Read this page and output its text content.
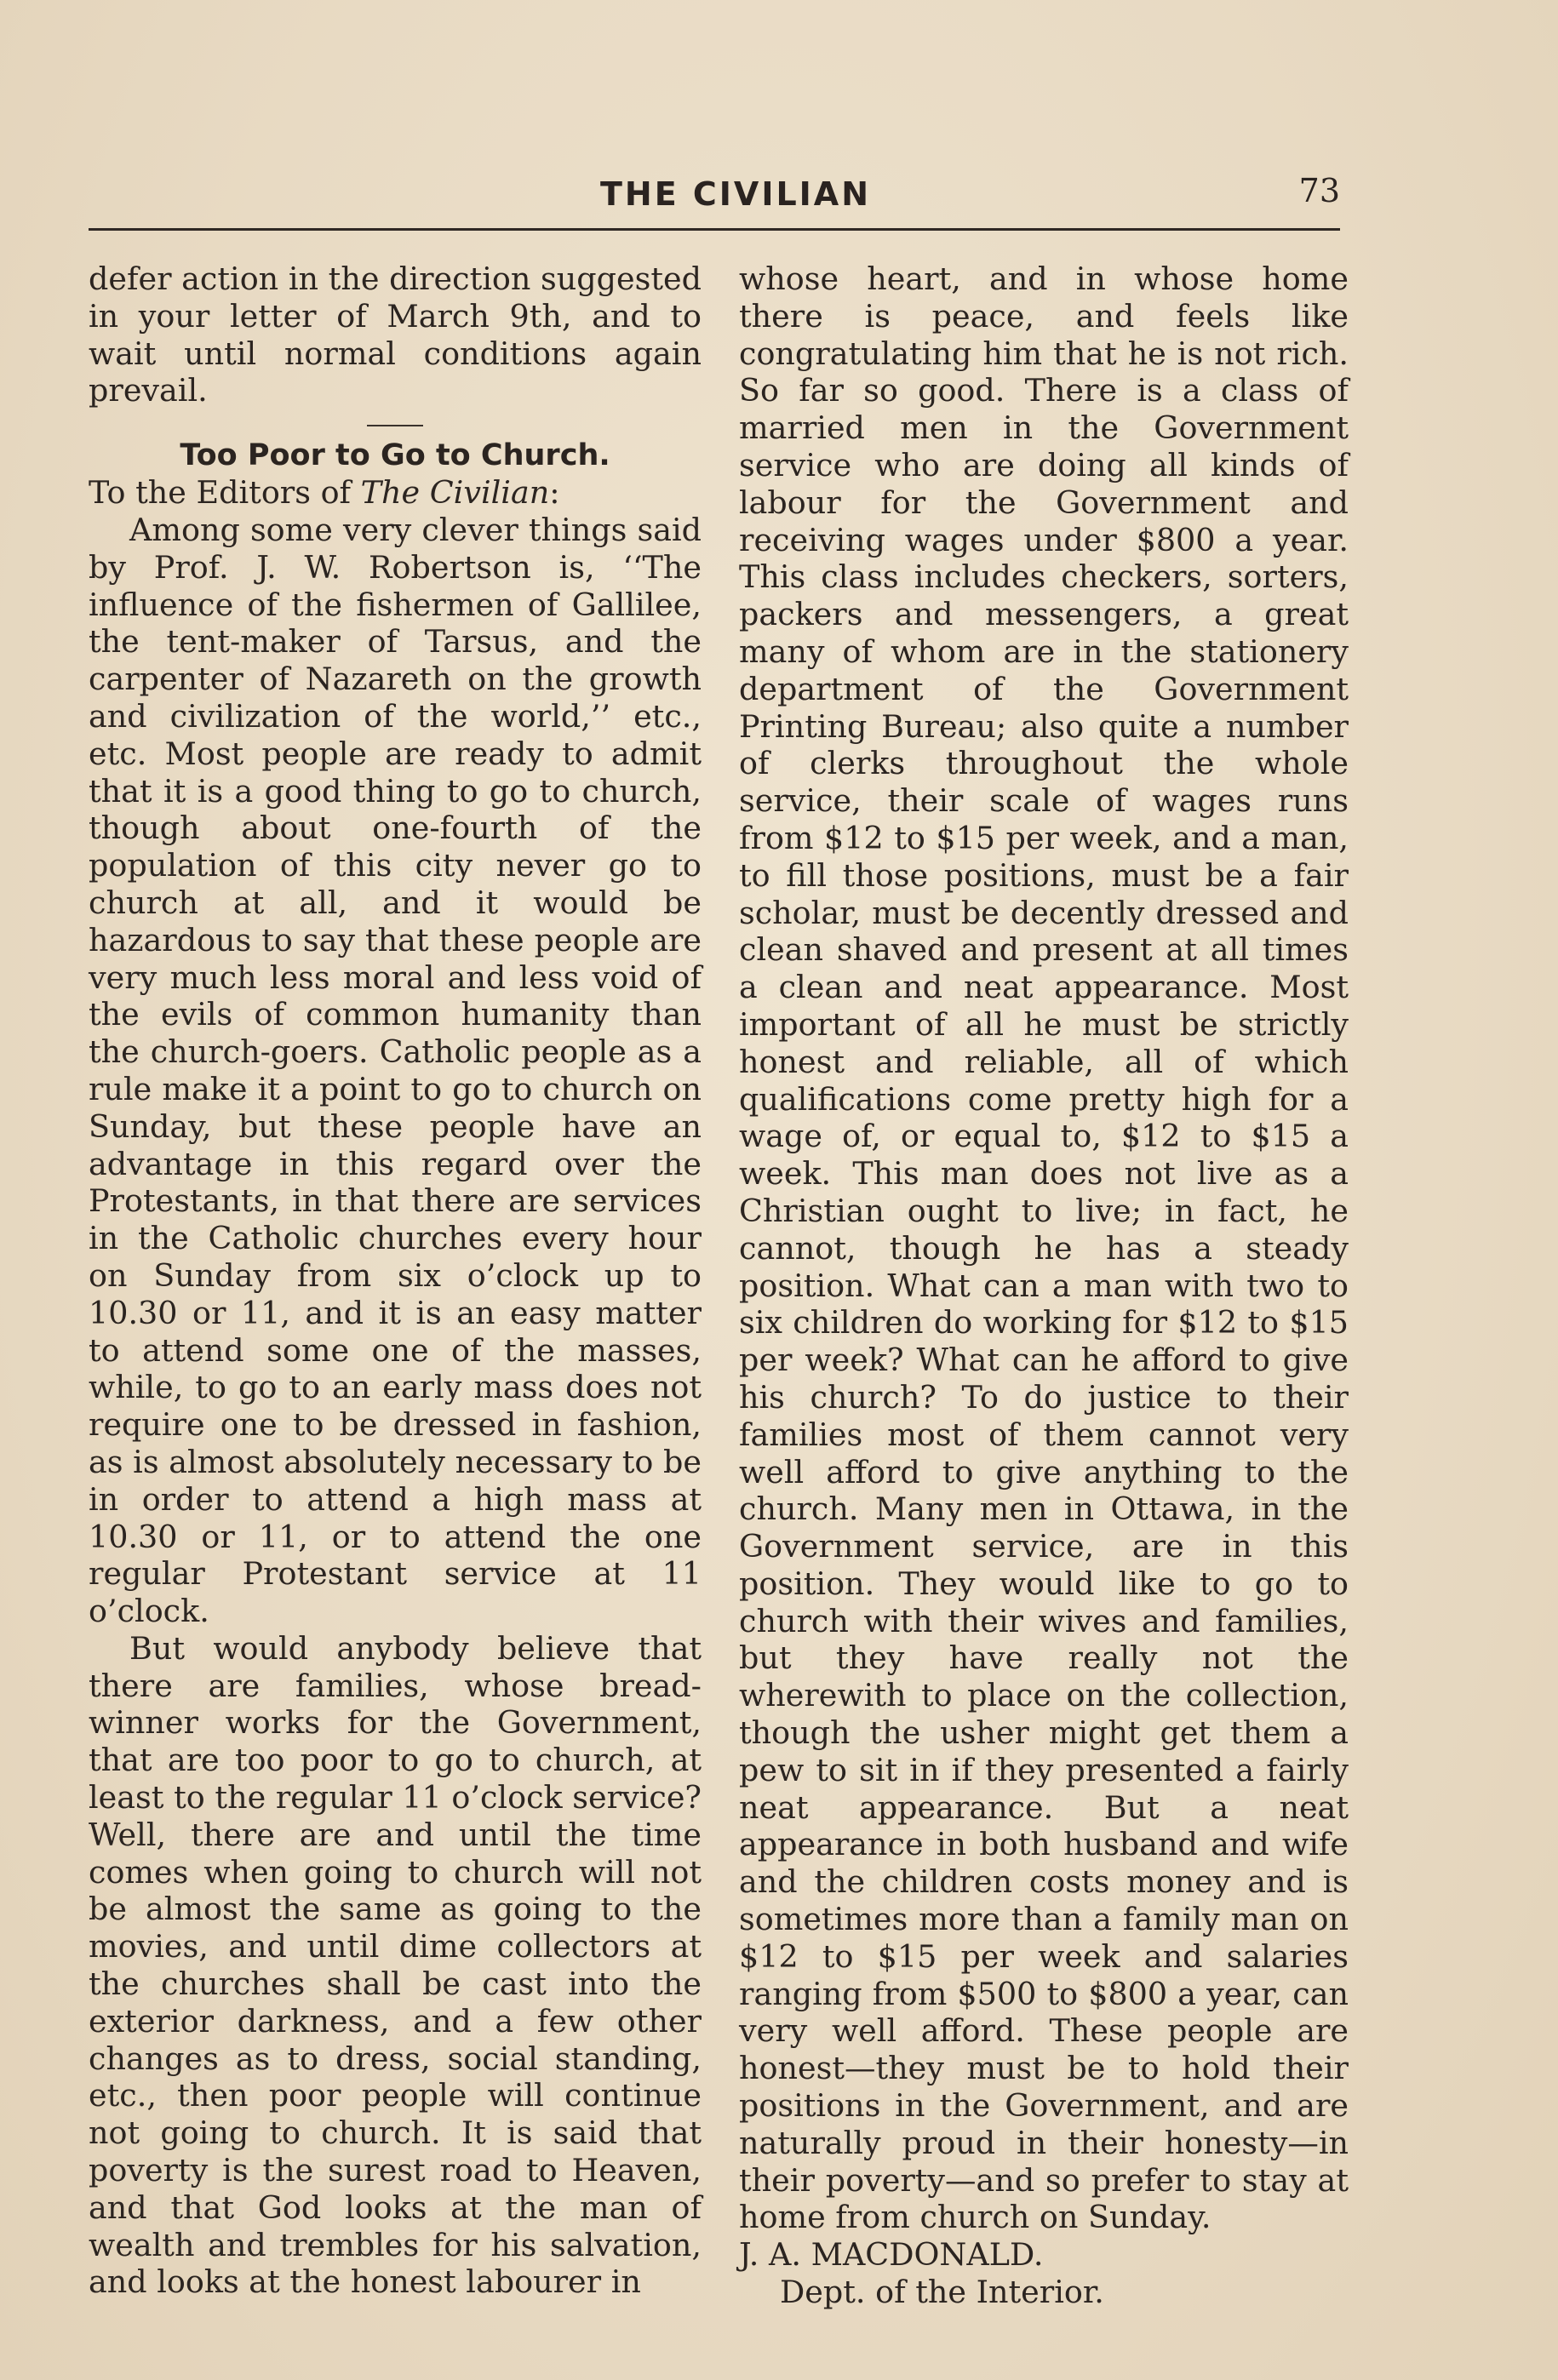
THE CIVILIAN	73

defer action in the direction suggested in your letter of March 9th, and to wait until normal conditions again prevail.

Too Poor to Go to Church.

To the Editors of The Civilian:

Among some very clever things said by Prof. J. W. Robertson is, ‘‘The influence of the fishermen of Gallilee, the tent-maker of Tarsus, and the carpenter of Nazareth on the growth and civilization of the world,’’ etc., etc. Most people are ready to admit that it is a good thing to go to church, though about one-fourth of the population of this city never go to church at all, and it would be hazardous to say that these people are very much less moral and less void of the evils of common humanity than the church-goers. Catholic people as a rule make it a point to go to church on Sunday, but these people have an advantage in this regard over the Protestants, in that there are services in the Catholic churches every hour on Sunday from six o’clock up to 10.30 or 11, and it is an easy matter to attend some one of the masses, while, to go to an early mass does not require one to be dressed in fashion, as is almost absolutely necessary to be in order to attend a high mass at 10.30 or 11, or to attend the one regular Protestant service at 11 o’clock.

But would anybody believe that there are families, whose bread-winner works for the Government, that are too poor to go to church, at least to the regular 11 o’clock service? Well, there are and until the time comes when going to church will not be almost the same as going to the movies, and until dime collectors at the churches shall be cast into the exterior darkness, and a few other changes as to dress, social standing, etc., then poor people will continue not going to church. It is said that poverty is the surest road to Heaven, and that God looks at the man of wealth and trembles for his salvation, and looks at the honest labourer in

whose heart, and in whose home there is peace, and feels like congratulating him that he is not rich. So far so good. There is a class of married men in the Government service who are doing all kinds of labour for the Government and receiving wages under $800 a year. This class includes checkers, sorters, packers and messengers, a great many of whom are in the stationery department of the Government Printing Bureau; also quite a number of clerks throughout the whole service, their scale of wages runs from $12 to $15 per week, and a man, to fill those positions, must be a fair scholar, must be decently dressed and clean shaved and present at all times a clean and neat appearance. Most important of all he must be strictly honest and reliable, all of which qualifications come pretty high for a wage of, or equal to, $12 to $15 a week. This man does not live as a Christian ought to live; in fact, he cannot, though he has a steady position. What can a man with two to six children do working for $12 to $15 per week? What can he afford to give his church? To do justice to their families most of them cannot very well afford to give anything to the church. Many men in Ottawa, in the Government service, are in this position. They would like to go to church with their wives and families, but they have really not the wherewith to place on the collection, though the usher might get them a pew to sit in if they presented a fairly neat appearance. But a neat appearance in both husband and wife and the children costs money and is sometimes more than a family man on $12 to $15 per week and salaries ranging from $500 to $800 a year, can very well afford. These people are honest—they must be to hold their positions in the Government, and are naturally proud in their honesty—in their poverty—and so prefer to stay at home from church on Sunday.

J. A. MACDONALD.

Dept. of the Interior.
